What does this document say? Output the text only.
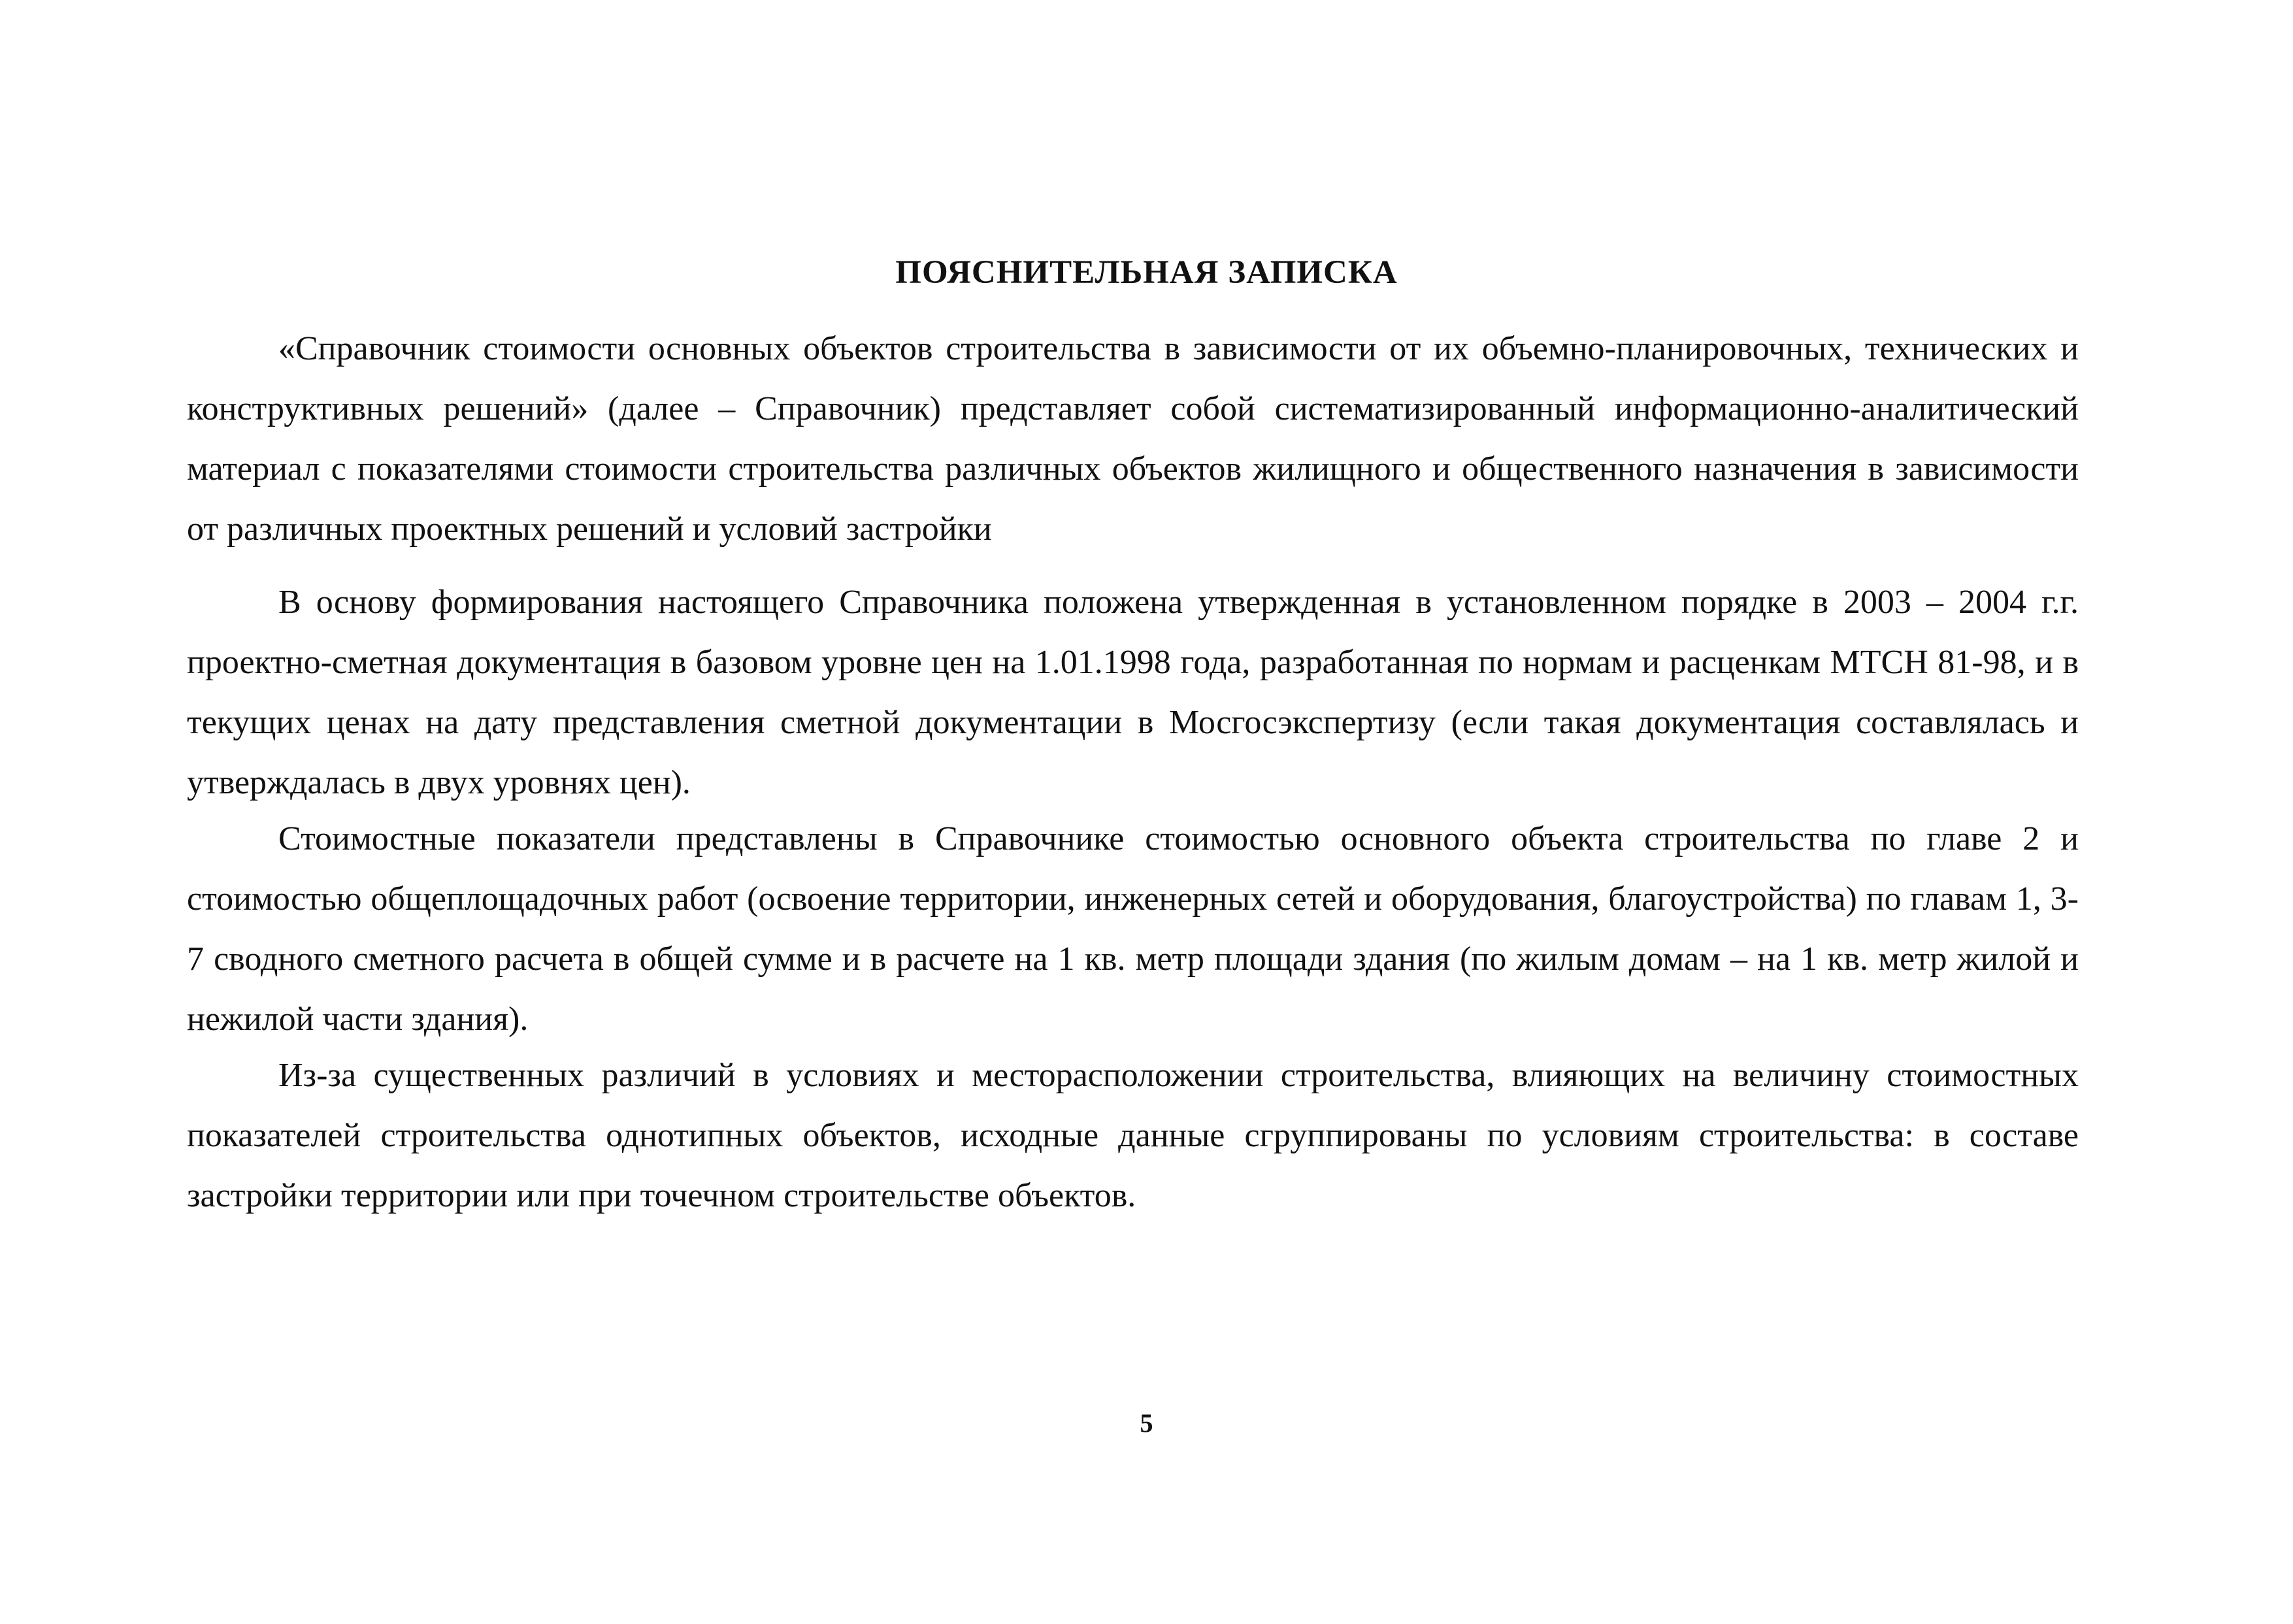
ПОЯСНИТЕЛЬНАЯ ЗАПИСКА

«Справочник стоимости основных объектов строительства в зависимости от их объемно-планировочных, технических и конструктивных решений» (далее – Справочник) представляет собой систематизированный информационно-аналитический материал с показателями стоимости строительства различных объектов жилищного и общественного назначения в зависимости от различных проектных решений и условий застройки

В основу формирования настоящего Справочника положена утвержденная в установленном порядке в 2003 – 2004 г.г. проектно-сметная документация в базовом уровне цен на 1.01.1998 года, разработанная по нормам и расценкам МТСН 81-98, и в текущих ценах на дату представления сметной документации в Мосгосэкспертизу (если такая документация составлялась и утверждалась в двух уровнях цен).

Стоимостные показатели представлены в Справочнике стоимостью основного объекта строительства по главе 2 и стоимостью общеплощадочных работ (освоение территории, инженерных сетей и оборудования, благоустройства) по главам 1, 3-7 сводного сметного расчета в общей сумме и в расчете на 1 кв. метр площади здания (по жилым домам – на 1 кв. метр жилой и нежилой части здания).

Из-за существенных различий в условиях и месторасположении строительства, влияющих на величину стоимостных показателей строительства однотипных объектов, исходные данные сгруппированы по условиям строительства: в составе застройки территории или при точечном строительстве объектов.

5
